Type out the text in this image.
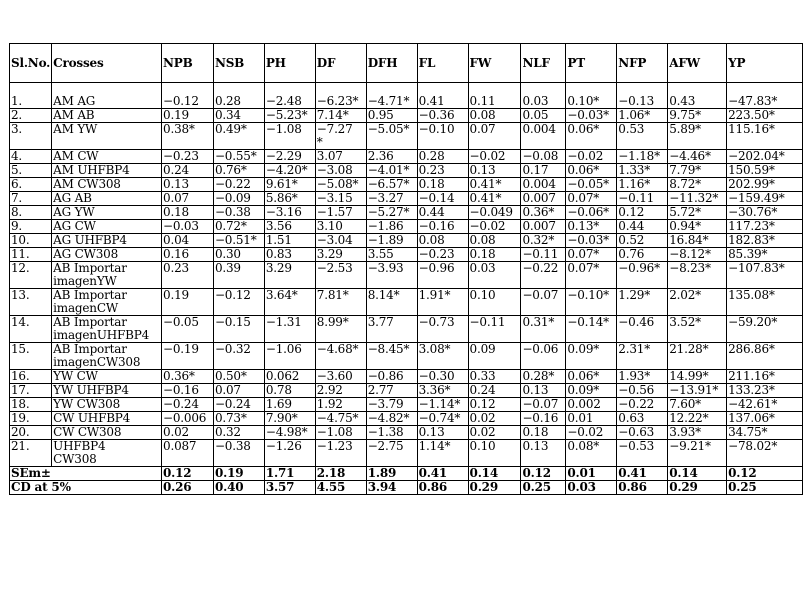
Sl.No.	Crosses	NPB	NSB	PH	DF	DFH	FL	FW	NLF	PT	NFP	AFW	YP
1.	AM AG	−0.12	0.28	−2.48	−6.23*	−4.71*	0.41	0.11	0.03	0.10*	−0.13	0.43	−47.83*
2.	AM AB	0.19	0.34	−5.23*	7.14*	0.95	−0.36	0.08	0.05	−0.03*	1.06*	9.75*	223.50*
3.	AM YW	0.38*	0.49*	−1.08	−7.27
*	−5.05*	−0.10	0.07	0.004	0.06*	0.53	5.89*	115.16*
4.	AM CW	−0.23	−0.55*	−2.29	3.07	2.36	0.28	−0.02	−0.08	−0.02	−1.18*	−4.46*	−202.04*
5.	AM UHFBP4	0.24	0.76*	−4.20*	−3.08	−4.01*	0.23	0.13	0.17	0.06*	1.33*	7.79*	150.59*
6.	AM CW308	0.13	−0.22	9.61*	−5.08*	−6.57*	0.18	0.41*	0.004	−0.05*	1.16*	8.72*	202.99*
7.	AG AB	0.07	−0.09	5.86*	−3.15	−3.27	−0.14	0.41*	0.007	0.07*	−0.11	−11.32*	−159.49*
8.	AG YW	0.18	−0.38	−3.16	−1.57	−5.27*	0.44	−0.049	0.36*	−0.06*	0.12	5.72*	−30.76*
9.	AG CW	−0.03	0.72*	3.56	3.10	−1.86	−0.16	−0.02	0.007	0.13*	0.44	0.94*	117.23*
10.	AG UHFBP4	0.04	−0.51*	1.51	−3.04	−1.89	0.08	0.08	0.32*	−0.03*	0.52	16.84*	182.83*
11.	AG CW308	0.16	0.30	0.83	3.29	3.55	−0.23	0.18	−0.11	0.07*	0.76	−8.12*	85.39*
12.	AB Importar
imagenYW	0.23	0.39	3.29	−2.53	−3.93	−0.96	0.03	−0.22	0.07*	−0.96*	−8.23*	−107.83*
13.	AB Importar
imagenCW	0.19	−0.12	3.64*	7.81*	8.14*	1.91*	0.10	−0.07	−0.10*	1.29*	2.02*	135.08*
14.	AB Importar
imagenUHFBP4	−0.05	−0.15	−1.31	8.99*	3.77	−0.73	−0.11	0.31*	−0.14*	−0.46	3.52*	−59.20*
15.	AB Importar
imagenCW308	−0.19	−0.32	−1.06	−4.68*	−8.45*	3.08*	0.09	−0.06	0.09*	2.31*	21.28*	286.86*
16.	YW CW	0.36*	0.50*	0.062	−3.60	−0.86	−0.30	0.33	0.28*	0.06*	1.93*	14.99*	211.16*
17.	YW UHFBP4	−0.16	0.07	0.78	2.92	2.77	3.36*	0.24	0.13	0.09*	−0.56	−13.91*	133.23*
18.	YW CW308	−0.24	−0.24	1.69	1.92	−3.79	−1.14*	0.12	−0.07	0.002	−0.22	7.60*	−42.61*
19.	CW UHFBP4	−0.006	0.73*	7.90*	−4.75*	−4.82*	−0.74*	0.02	−0.16	0.01	0.63	12.22*	137.06*
20.	CW CW308	0.02	0.32	−4.98*	−1.08	−1.38	0.13	0.02	0.18	−0.02	−0.63	3.93*	34.75*
21.	UHFBP4
CW308	0.087	−0.38	−1.26	−1.23	−2.75	1.14*	0.10	0.13	0.08*	−0.53	−9.21*	−78.02*
SEm±		0.12	0.19	1.71	2.18	1.89	0.41	0.14	0.12	0.01	0.41	0.14	0.12
CD at 5%		0.26	0.40	3.57	4.55	3.94	0.86	0.29	0.25	0.03	0.86	0.29	0.25
